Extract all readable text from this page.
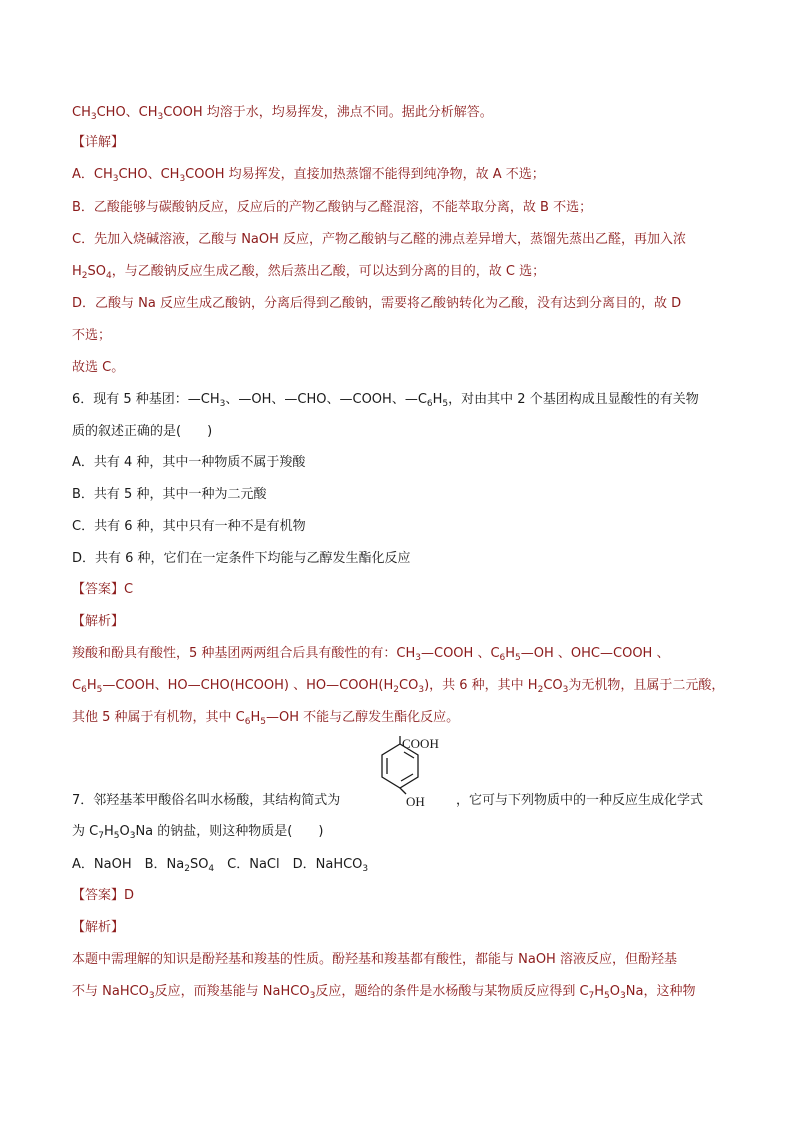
$CH_3CHO$、$CH_3COOH$ 均溶于水，均易挥发，沸点不同。据此分析解答。
【详解】
A．$CH_3CHO$、$CH_3COOH$ 均易挥发，直接加热蒸馏不能得到纯净物，故 A 不选；
B．乙酸能够与碳酸钠反应，反应后的产物乙酸钠与乙醛混溶，不能萃取分离，故 B 不选；
C．先加入烧碱溶液，乙酸与 NaOH 反应，产物乙酸钠与乙醛的沸点差异增大，蒸馏先蒸出乙醛，再加入浓
$H_2SO_4$，与乙酸钠反应生成乙酸，然后蒸出乙酸，可以达到分离的目的，故 C 选；
D．乙酸与 Na 反应生成乙酸钠，分离后得到乙酸钠，需要将乙酸钠转化为乙酸，没有达到分离目的，故 D
不选；
故选 C。
6．现有 5 种基团：$—CH_3$、—OH、—CHO、—COOH、$—C_6H_5$，对由其中 2 个基团构成且显酸性的有关物
质的叙述正确的是(　　)
A．共有 4 种，其中一种物质不属于羧酸
B．共有 5 种，其中一种为二元酸
C．共有 6 种，其中只有一种不是有机物
D．共有 6 种，它们在一定条件下均能与乙醇发生酯化反应
【答案】C
【解析】
羧酸和酚具有酸性，5 种基团两两组合后具有酸性的有：$CH_3—COOH$ 、$C_6H_5—OH$ 、OHC—COOH 、
$C_6H_5—COOH$、HO—CHO(HCOOH) 、$HO—COOH(H_2CO_3)$，共 6 种，其中 $H_2CO_3$为无机物，且属于二元酸，
其他 5 种属于有机物，其中 $C_6H_5—OH$ 不能与乙醇发生酯化反应。
COOH
OH
7．邻羟基苯甲酸俗名叫水杨酸，其结构简式为	，它可与下列物质中的一种反应生成化学式
为 $C_7H_5O_3Na$ 的钠盐，则这种物质是(　　)
A．NaOH　B．$Na_2SO_4$　C．NaCl　D．NaHCO$_3$
【答案】D
【解析】
本题中需理解的知识是酚羟基和羧基的性质。酚羟基和羧基都有酸性，都能与 NaOH 溶液反应，但酚羟基
不与 NaHCO$_3$反应，而羧基能与 NaHCO$_3$反应，题给的条件是水杨酸与某物质反应得到 $C_7H_5O_3Na$，这种物
